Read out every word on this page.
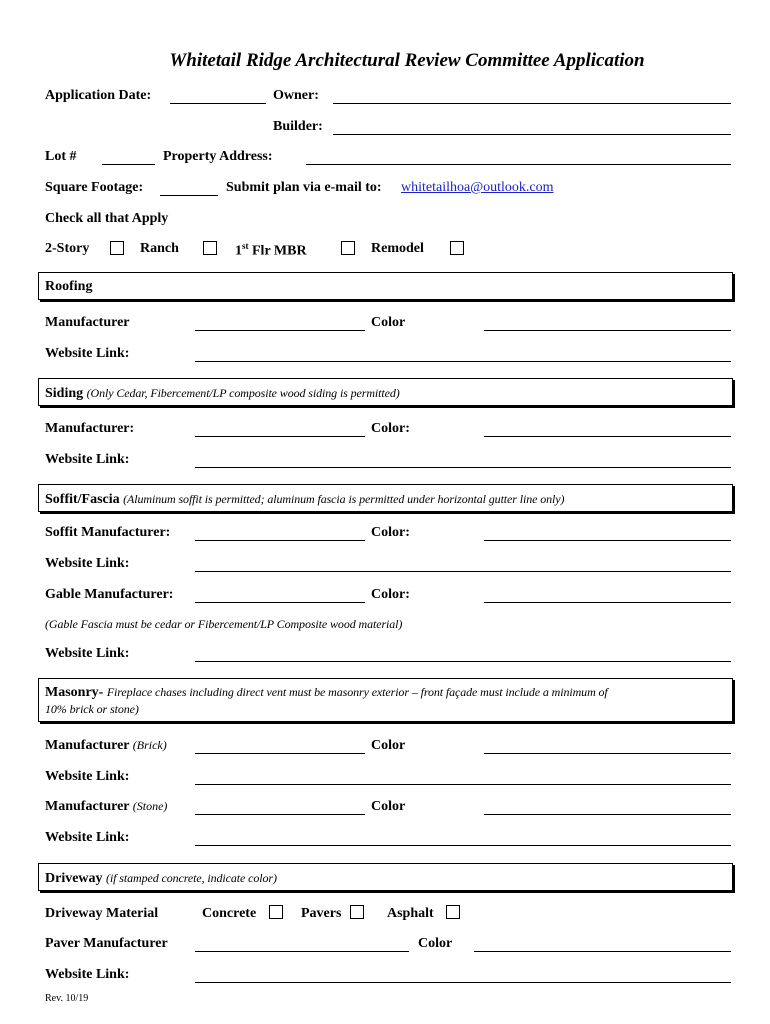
Whitetail Ridge Architectural Review Committee Application
Application Date:	Owner:
Builder:
Lot #	Property Address:
Square Footage:	Submit plan via e-mail to: whitetailhoa@outlook.com
Check all that Apply
2-Story	Ranch	1st Flr MBR	Remodel
Roofing
Manufacturer	Color
Website Link:
Siding (Only Cedar, Fibercement/LP composite wood siding is permitted)
Manufacturer:	Color:
Website Link:
Soffit/Fascia (Aluminum soffit is permitted; aluminum fascia is permitted under horizontal gutter line only)
Soffit Manufacturer:	Color:
Website Link:
Gable Manufacturer:	Color:
(Gable Fascia must be cedar or Fibercement/LP Composite wood material)
Website Link:
Masonry- Fireplace chases including direct vent must be masonry exterior – front façade must include a minimum of
10% brick or stone)
Manufacturer (Brick)	Color
Website Link:
Manufacturer (Stone)	Color
Website Link:
Driveway (if stamped concrete, indicate color)
Driveway Material	Concrete	Pavers	Asphalt
Paver Manufacturer	Color
Website Link:
Rev. 10/19
